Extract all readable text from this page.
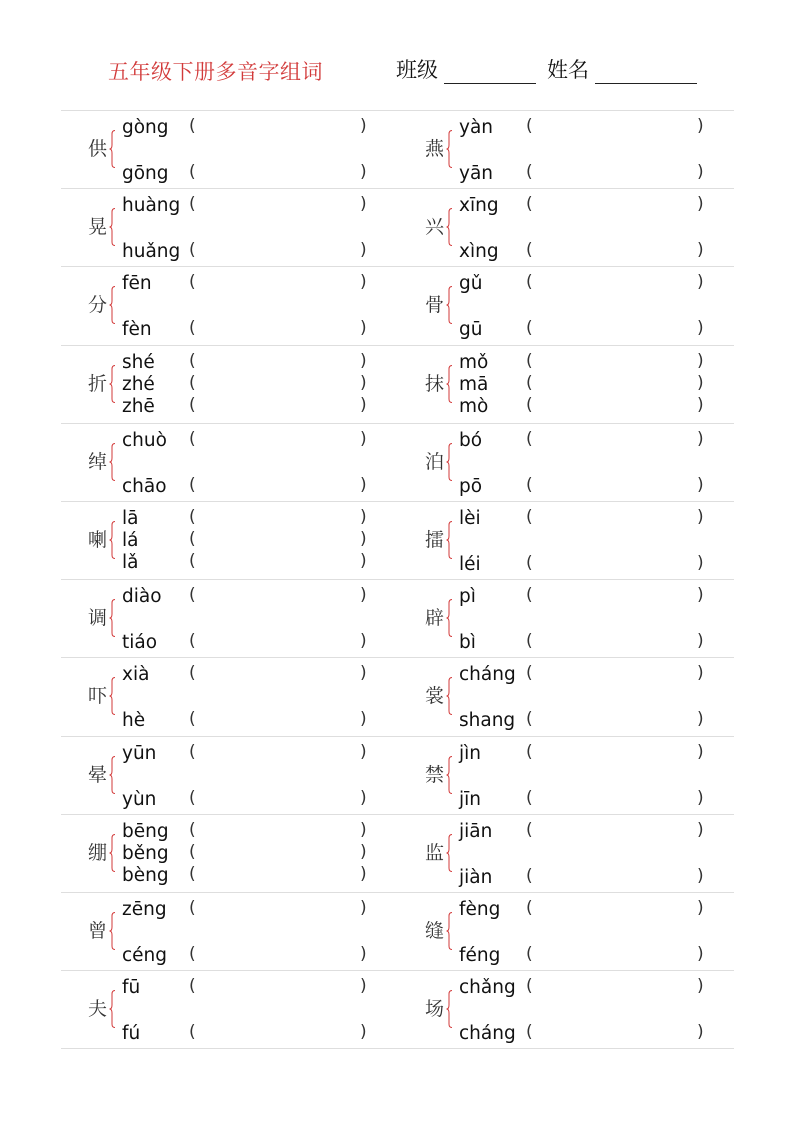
五年级下册多音字组词	班级	姓名
供
gòng (	)
gōng (	)
燕
yàn (	)
yān (	)
晃
huàng (	)
huǎng (	)
兴
xīng (	)
xìng (	)
分
fēn (	)
fèn (	)
骨
gǔ	(	)
gū	(	)
折
shé (	)
zhé (	)
zhē (	)
抹
mǒ (	)
mā (	)
mò (	)
绰
chuò (	)
chāo (	)
泊
bó	(	)
pō	(	)
喇
lā	(	)
lá	(	)
lǎ	(	)
擂
lèi	(	)
léi	(	)
调
diào (	)
tiáo (	)
辟
pì	(	)
bì	(	)
吓
xià (	)
hè	(	)
裳
cháng (	)
shang (	)
晕
yūn (	)
yùn (	)
禁
jìn	(	)
jīn	(	)
绷
bēng (	)
běng (	)
bèng (	)
监
jiān (	)
jiàn (	)
曾
zēng (	)
céng (	)
缝
fèng (	)
féng (	)
夫
fū	(	)
fú	(	)
场
chǎng (	)
cháng (	)
